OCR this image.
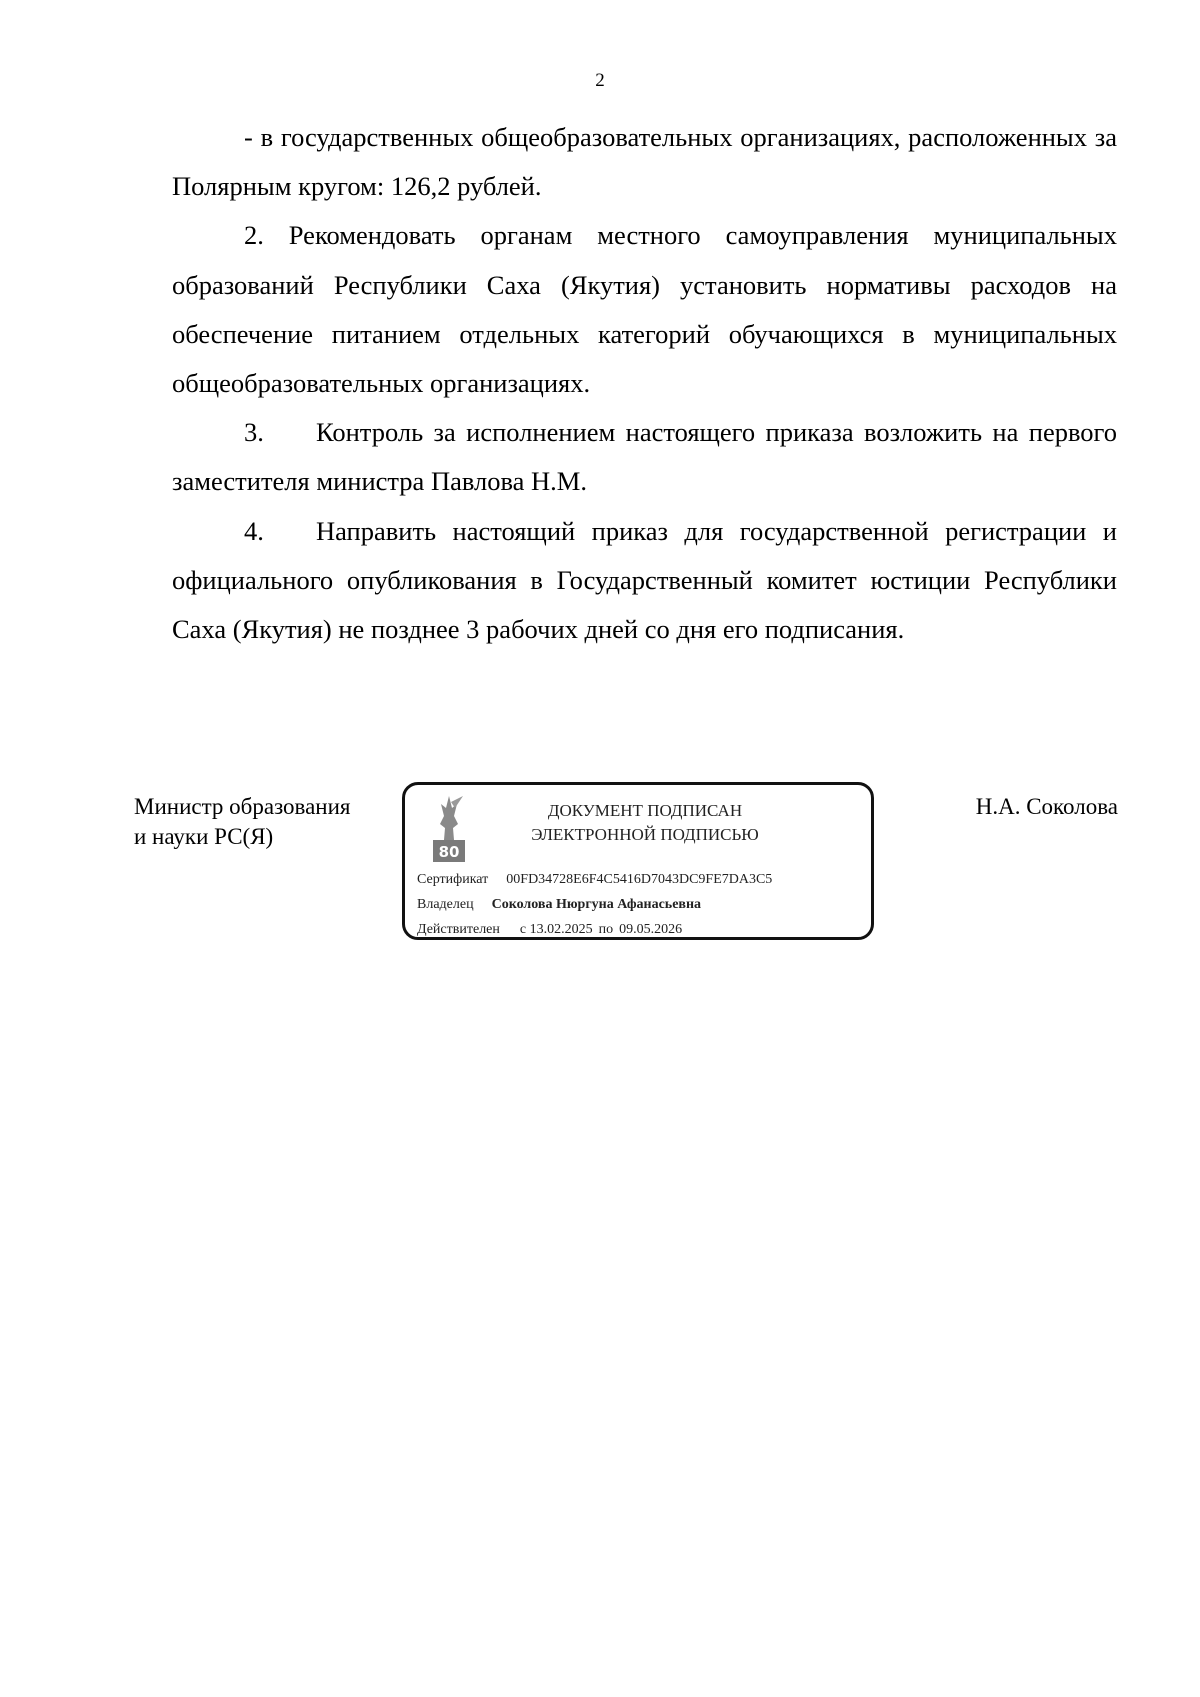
2

- в государственных общеобразовательных организациях, расположенных за Полярным кругом: 126,2 рублей.

2. Рекомендовать органам местного самоуправления муниципальных образований Республики Саха (Якутия) установить нормативы расходов на обеспечение питанием отдельных категорий обучающихся в муниципальных общеобразовательных организациях.

3. Контроль за исполнением настоящего приказа возложить на первого заместителя министра Павлова Н.М.

4. Направить настоящий приказ для государственной регистрации и официального опубликования в Государственный комитет юстиции Республики Саха (Якутия) не позднее 3 рабочих дней со дня его подписания.

Министр образования
и науки РС(Я)
80
ДОКУМЕНТ ПОДПИСАН
ЭЛЕКТРОННОЙ ПОДПИСЬЮ
Сертификат 00FD34728E6F4C5416D7043DC9FE7DA3C5
Владелец Соколова Нюргуна Афанасьевна
Действителен с 13.02.2025 по 09.05.2026
Н.А. Соколова
